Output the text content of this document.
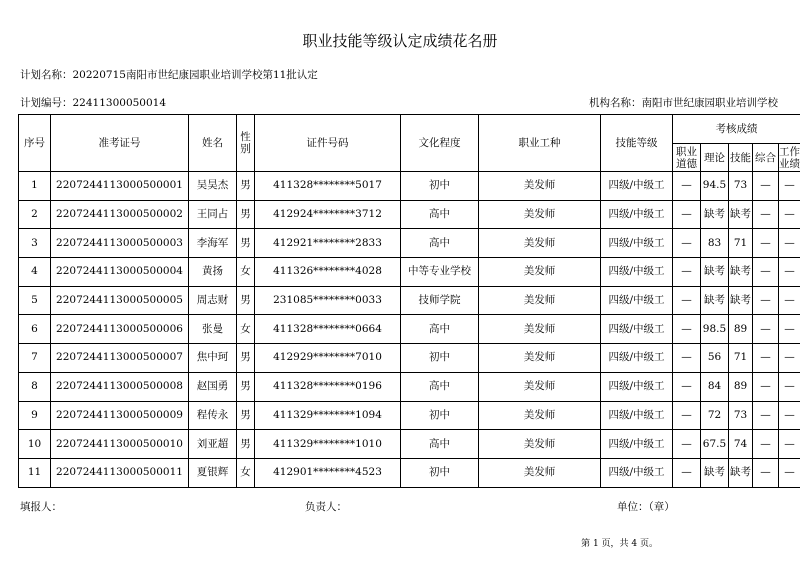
职业技能等级认定成绩花名册
计划名称：20220715南阳市世纪康园职业培训学校第11批认定
计划编号：22411300050014	机构名称：南阳市世纪康园职业培训学校
序号	准考证号	姓名	性别	证件号码	文化程度	职业工种	技能等级	考核成绩				
								职业道德	理论	技能	综合	工作业绩
1	2207244113000500001	吴昊杰	男	411328********5017	初中	美发师	四级/中级工	—	94.5	73	—	—
2	2207244113000500002	王同占	男	412924********3712	高中	美发师	四级/中级工	—	缺考	缺考	—	—
3	2207244113000500003	李海军	男	412921********2833	高中	美发师	四级/中级工	—	83	71	—	—
4	2207244113000500004	黄扬	女	411326********4028	中等专业学校	美发师	四级/中级工	—	缺考	缺考	—	—
5	2207244113000500005	周志财	男	231085********0033	技师学院	美发师	四级/中级工	—	缺考	缺考	—	—
6	2207244113000500006	张曼	女	411328********0664	高中	美发师	四级/中级工	—	98.5	89	—	—
7	2207244113000500007	焦中珂	男	412929********7010	初中	美发师	四级/中级工	—	56	71	—	—
8	2207244113000500008	赵国勇	男	411328********0196	高中	美发师	四级/中级工	—	84	89	—	—
9	2207244113000500009	程传永	男	411329********1094	初中	美发师	四级/中级工	—	72	73	—	—
10	2207244113000500010	刘亚超	男	411329********1010	高中	美发师	四级/中级工	—	67.5	74	—	—
11	2207244113000500011	夏银辉	女	412901********4523	初中	美发师	四级/中级工	—	缺考	缺考	—	—
填报人：	负责人：	单位：（章）
第 1 页，共 4 页。
